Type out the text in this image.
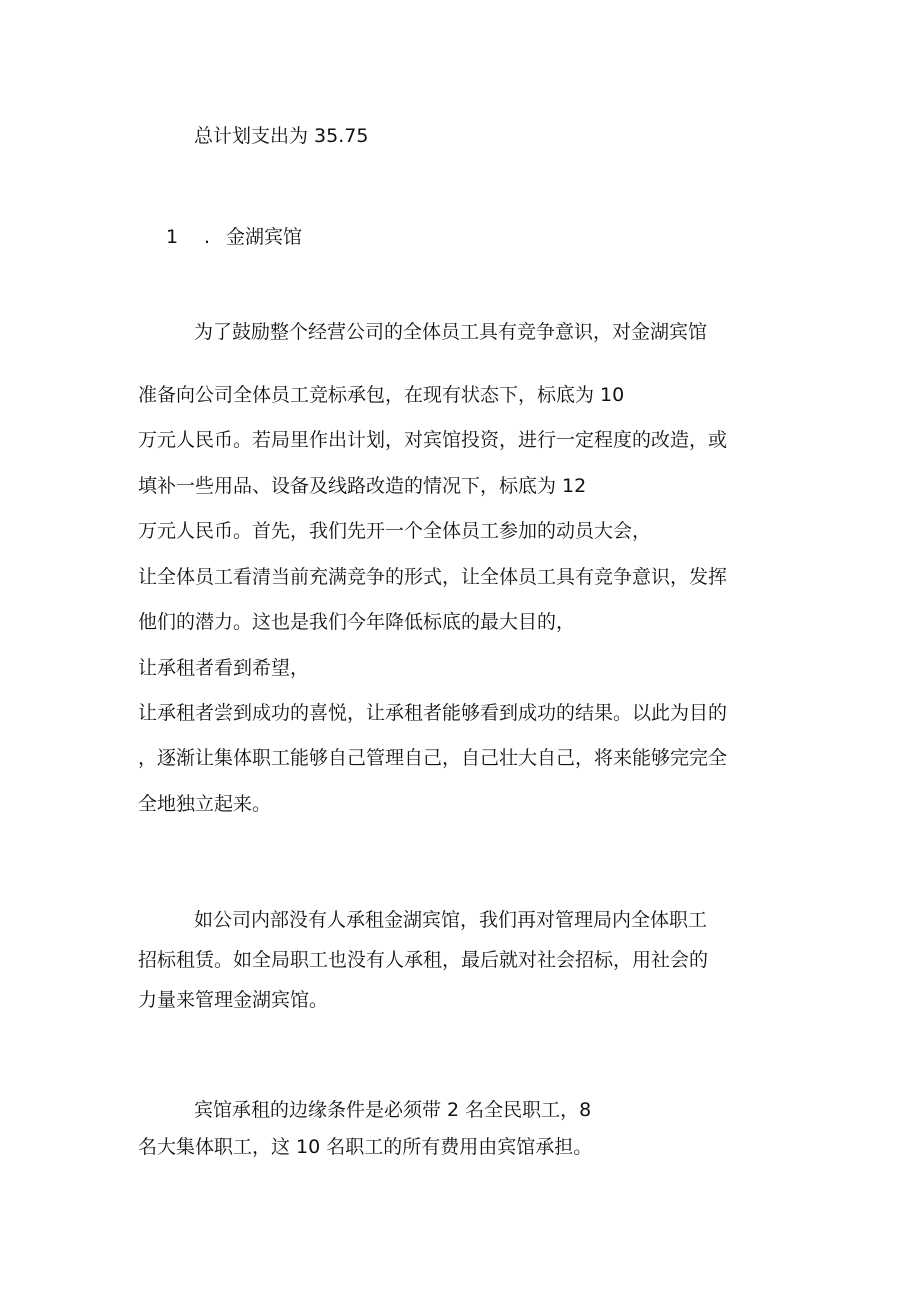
总计划支出为 35.75

1 . 金湖宾馆

为了鼓励整个经营公司的全体员工具有竞争意识，对金湖宾馆

准备向公司全体员工竞标承包，在现有状态下，标底为 10

万元人民币。若局里作出计划，对宾馆投资，进行一定程度的改造，或

填补一些用品、设备及线路改造的情况下，标底为 12

万元人民币。首先，我们先开一个全体员工参加的动员大会，

让全体员工看清当前充满竞争的形式，让全体员工具有竞争意识，发挥

他们的潜力。这也是我们今年降低标底的最大目的，

让承租者看到希望，

让承租者尝到成功的喜悦，让承租者能够看到成功的结果。以此为目的

，逐渐让集体职工能够自己管理自己，自己壮大自己，将来能够完完全

全地独立起来。

如公司内部没有人承租金湖宾馆，我们再对管理局内全体职工

招标租赁。如全局职工也没有人承租，最后就对社会招标，用社会的

力量来管理金湖宾馆。

宾馆承租的边缘条件是必须带 2 名全民职工，8

名大集体职工，这 10 名职工的所有费用由宾馆承担。
